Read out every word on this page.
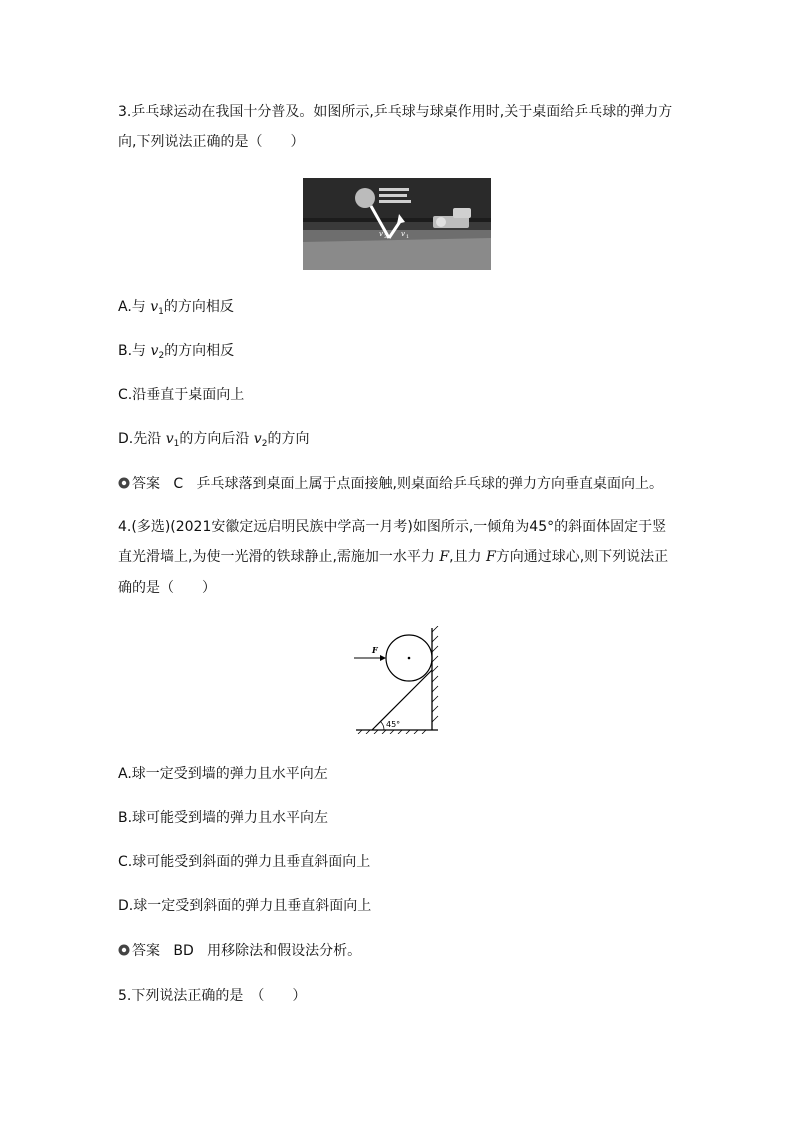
3.乒乓球运动在我国十分普及。如图所示,乒乓球与球桌作用时,关于桌面给乒乓球的弹力方
向,下列说法正确的是（　　）
v 2 v 1
A.与 $v_1$的方向相反
B.与 $v_2$的方向相反
C.沿垂直于桌面向上
D.先沿 $v_1$的方向后沿 $v_2$的方向
答案 C 乒乓球落到桌面上属于点面接触,则桌面给乒乓球的弹力方向垂直桌面向上。
4.(多选)(2021安徽定远启明民族中学高一月考)如图所示,一倾角为45°的斜面体固定于竖
直光滑墙上,为使一光滑的铁球静止,需施加一水平力 F,且力 F方向通过球心,则下列说法正
确的是（　　）
45°
F
A.球一定受到墙的弹力且水平向左
B.球可能受到墙的弹力且水平向左
C.球可能受到斜面的弹力且垂直斜面向上
D.球一定受到斜面的弹力且垂直斜面向上
答案 BD 用移除法和假设法分析。
5.下列说法正确的是　（　　）
